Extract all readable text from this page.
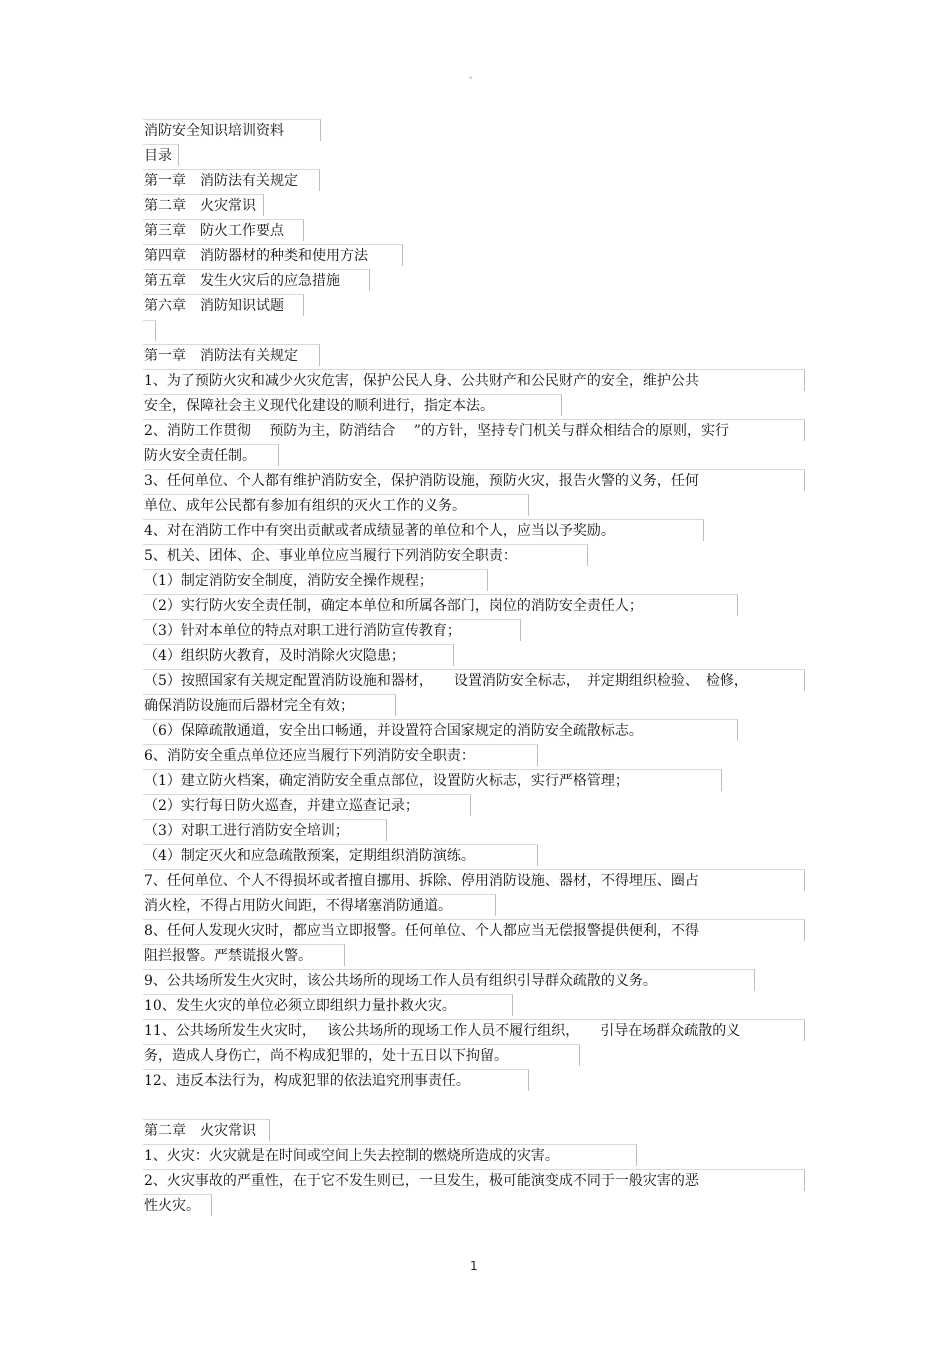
。
消防安全知识培训资料
目录
第一章　消防法有关规定
第二章　火灾常识
第三章　防火工作要点
第四章　消防器材的种类和使用方法
第五章　发生火灾后的应急措施
第六章　消防知识试题
第一章　消防法有关规定
1、为了预防火灾和减少火灾危害，保护公民人身、公共财产和公民财产的安全，维护公共
安全，保障社会主义现代化建设的顺利进行，指定本法。
2、消防工作贯彻　 预防为主，防消结合　 ”的方针，坚持专门机关与群众相结合的原则，实行
防火安全责任制。
3、任何单位、个人都有维护消防安全，保护消防设施，预防火灾，报告火警的义务，任何
单位、成年公民都有参加有组织的灭火工作的义务。
4、对在消防工作中有突出贡献或者成绩显著的单位和个人，应当以予奖励。
5、机关、团体、企、事业单位应当履行下列消防安全职责：
（1）制定消防安全制度，消防安全操作规程；
（2）实行防火安全责任制，确定本单位和所属各部门，岗位的消防安全责任人；
（3）针对本单位的特点对职工进行消防宣传教育；
（4）组织防火教育，及时消除火灾隐患；
（5）按照国家有关规定配置消防设施和器材，　　设置消防安全标志，　并定期组织检验、　检修，
确保消防设施而后器材完全有效；
（6）保障疏散通道，安全出口畅通，并设置符合国家规定的消防安全疏散标志。
6、消防安全重点单位还应当履行下列消防安全职责：
（1）建立防火档案，确定消防安全重点部位，设置防火标志，实行严格管理；
（2）实行每日防火巡查，并建立巡查记录；
（3）对职工进行消防安全培训；
（4）制定灭火和应急疏散预案，定期组织消防演练。
7、任何单位、个人不得损坏或者擅自挪用、拆除、停用消防设施、器材，不得埋压、圈占
消火栓，不得占用防火间距，不得堵塞消防通道。
8、任何人发现火灾时，都应当立即报警。任何单位、个人都应当无偿报警提供便利，不得
阻拦报警。严禁谎报火警。
9、公共场所发生火灾时，该公共场所的现场工作人员有组织引导群众疏散的义务。
10、发生火灾的单位必须立即组织力量扑救火灾。
11、公共场所发生火灾时，　 该公共场所的现场工作人员不履行组织，　　引导在场群众疏散的义
务，造成人身伤亡，尚不构成犯罪的，处十五日以下拘留。
12、违反本法行为，构成犯罪的依法追究刑事责任。
第二章　火灾常识
1、火灾：火灾就是在时间或空间上失去控制的燃烧所造成的灾害。
2、火灾事故的严重性，在于它不发生则已，一旦发生，极可能演变成不同于一般灾害的恶
性火灾。
1
